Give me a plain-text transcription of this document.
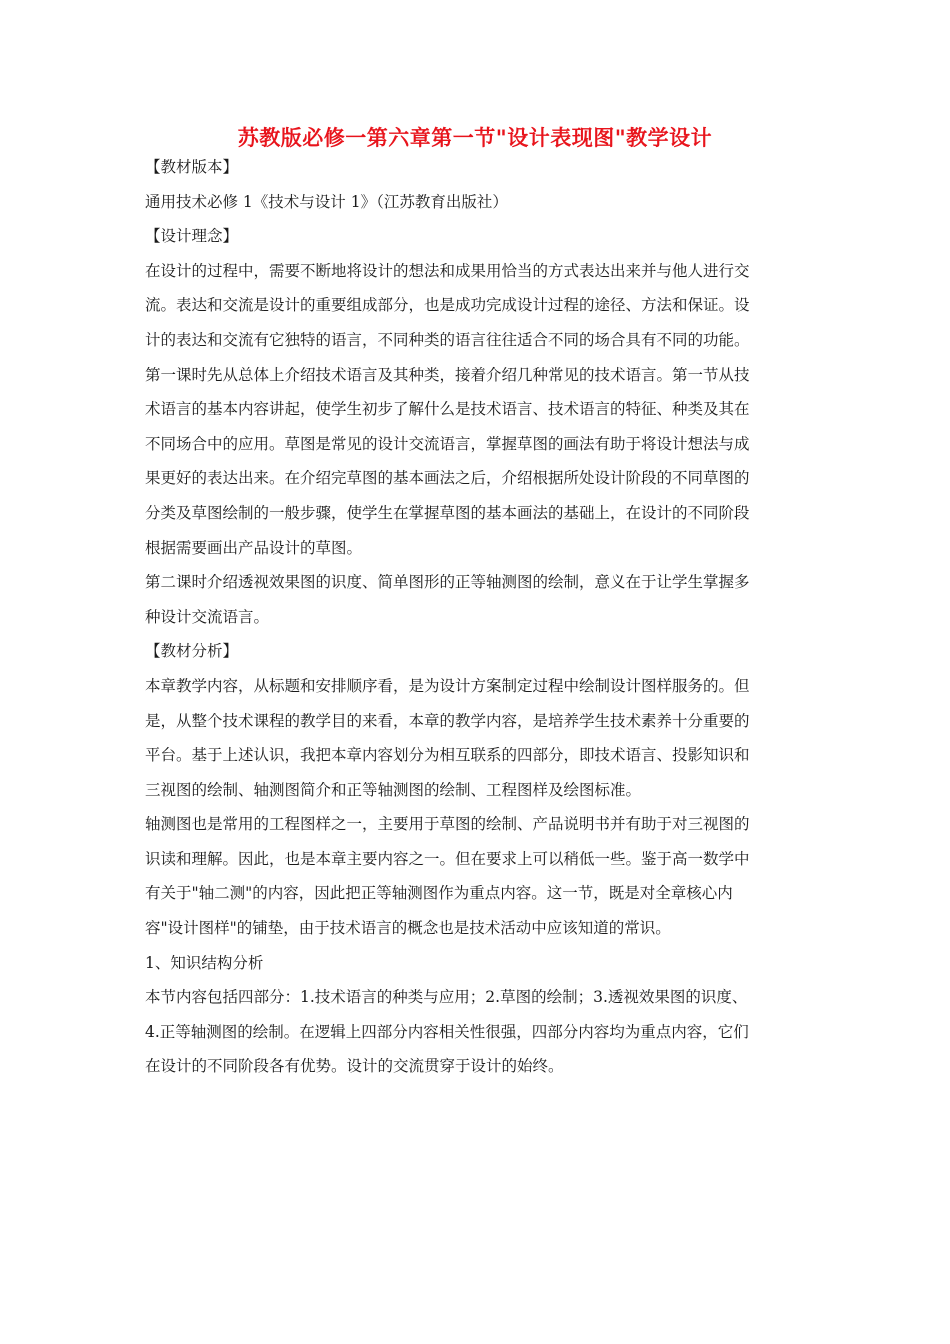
苏教版必修一第六章第一节"设计表现图"教学设计
【教材版本】
通用技术必修 1《技术与设计 1》（江苏教育出版社）
【设计理念】
在设计的过程中，需要不断地将设计的想法和成果用恰当的方式表达出来并与他人进行交
流。表达和交流是设计的重要组成部分，也是成功完成设计过程的途径、方法和保证。设
计的表达和交流有它独特的语言，不同种类的语言往往适合不同的场合具有不同的功能。
第一课时先从总体上介绍技术语言及其种类，接着介绍几种常见的技术语言。第一节从技
术语言的基本内容讲起，使学生初步了解什么是技术语言、技术语言的特征、种类及其在
不同场合中的应用。草图是常见的设计交流语言，掌握草图的画法有助于将设计想法与成
果更好的表达出来。在介绍完草图的基本画法之后，介绍根据所处设计阶段的不同草图的
分类及草图绘制的一般步骤，使学生在掌握草图的基本画法的基础上，在设计的不同阶段
根据需要画出产品设计的草图。
第二课时介绍透视效果图的识度、简单图形的正等轴测图的绘制，意义在于让学生掌握多
种设计交流语言。
【教材分析】
本章教学内容，从标题和安排顺序看，是为设计方案制定过程中绘制设计图样服务的。但
是，从整个技术课程的教学目的来看，本章的教学内容，是培养学生技术素养十分重要的
平台。基于上述认识，我把本章内容划分为相互联系的四部分，即技术语言、投影知识和
三视图的绘制、轴测图简介和正等轴测图的绘制、工程图样及绘图标准。
轴测图也是常用的工程图样之一，主要用于草图的绘制、产品说明书并有助于对三视图的
识读和理解。因此，也是本章主要内容之一。但在要求上可以稍低一些。鉴于高一数学中
有关于"轴二测"的内容，因此把正等轴测图作为重点内容。这一节，既是对全章核心内
容"设计图样"的铺垫，由于技术语言的概念也是技术活动中应该知道的常识。
1、知识结构分析
本节内容包括四部分：1.技术语言的种类与应用；2.草图的绘制；3.透视效果图的识度、
4.正等轴测图的绘制。在逻辑上四部分内容相关性很强，四部分内容均为重点内容，它们
在设计的不同阶段各有优势。设计的交流贯穿于设计的始终。
